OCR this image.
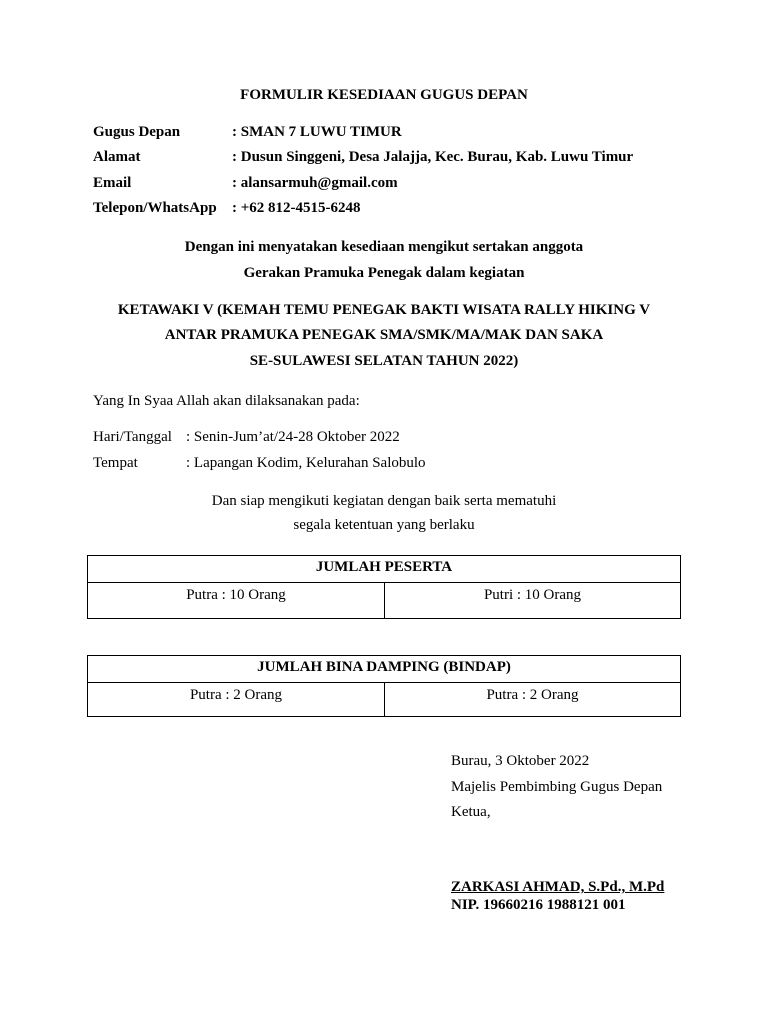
FORMULIR KESEDIAAN GUGUS DEPAN
Gugus Depan	: SMAN 7 LUWU TIMUR
Alamat	: Dusun Singgeni, Desa Jalajja, Kec. Burau, Kab. Luwu Timur
Email	: alansarmuh@gmail.com
Telepon/WhatsApp : +62 812-4515-6248
Dengan ini menyatakan kesediaan mengikut sertakan anggota
Gerakan Pramuka Penegak dalam kegiatan
KETAWAKI V (KEMAH TEMU PENEGAK BAKTI WISATA RALLY HIKING V
ANTAR PRAMUKA PENEGAK SMA/SMK/MA/MAK DAN SAKA
SE-SULAWESI SELATAN TAHUN 2022)
Yang In Syaa Allah akan dilaksanakan pada:
Hari/Tanggal : Senin-Jum’at/24-28 Oktober 2022
Tempat	: Lapangan Kodim, Kelurahan Salobulo
Dan siap mengikuti kegiatan dengan baik serta mematuhi
segala ketentuan yang berlaku
JUMLAH PESERTA
Putra : 10 Orang	Putri : 10 Orang
JUMLAH BINA DAMPING (BINDAP)
Putra : 2 Orang	Putra : 2 Orang
Burau, 3 Oktober 2022
Majelis Pembimbing Gugus Depan
Ketua,
ZARKASI AHMAD, S.Pd., M.Pd
NIP. 19660216 1988121 001
